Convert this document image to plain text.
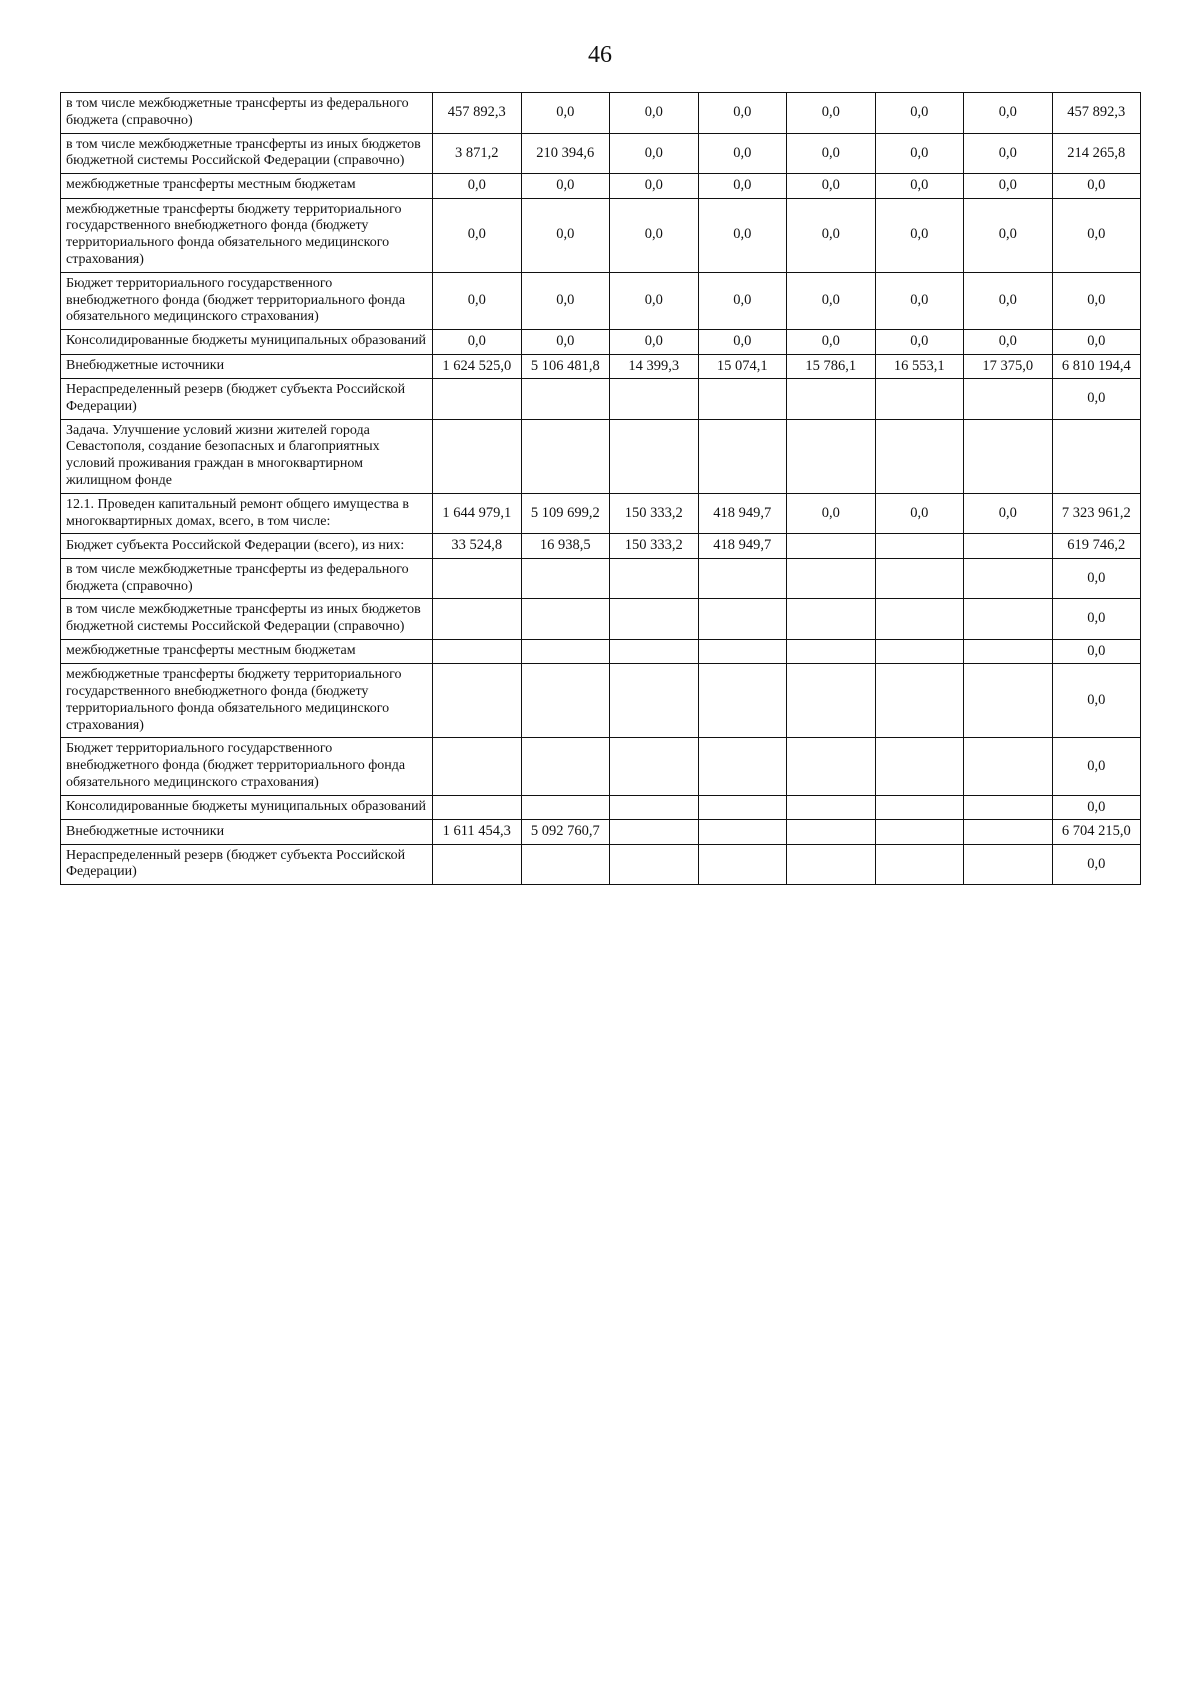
46
в том числе межбюджетные трансферты из федерального бюджета (справочно)	457 892,3	0,0	0,0	0,0	0,0	0,0	0,0	457 892,3
в том числе межбюджетные трансферты из иных бюджетов бюджетной системы Российской Федерации (справочно)	3 871,2	210 394,6	0,0	0,0	0,0	0,0	0,0	214 265,8
межбюджетные трансферты местным бюджетам	0,0	0,0	0,0	0,0	0,0	0,0	0,0	0,0
межбюджетные трансферты бюджету территориального государственного внебюджетного фонда (бюджету территориального фонда обязательного медицинского страхования)	0,0	0,0	0,0	0,0	0,0	0,0	0,0	0,0
Бюджет территориального государственного внебюджетного фонда (бюджет территориального фонда обязательного медицинского страхования)	0,0	0,0	0,0	0,0	0,0	0,0	0,0	0,0
Консолидированные бюджеты муниципальных образований	0,0	0,0	0,0	0,0	0,0	0,0	0,0	0,0
Внебюджетные источники	1 624 525,0	5 106 481,8	14 399,3	15 074,1	15 786,1	16 553,1	17 375,0	6 810 194,4
Нераспределенный резерв (бюджет субъекта Российской Федерации)								0,0
Задача. Улучшение условий жизни жителей города Севастополя, создание безопасных и благоприятных условий проживания граждан в многоквартирном жилищном фонде								
12.1. Проведен капитальный ремонт общего имущества в многоквартирных домах, всего, в том числе:	1 644 979,1	5 109 699,2	150 333,2	418 949,7	0,0	0,0	0,0	7 323 961,2
Бюджет субъекта Российской Федерации (всего), из них:	33 524,8	16 938,5	150 333,2	418 949,7				619 746,2
в том числе межбюджетные трансферты из федерального бюджета (справочно)								0,0
в том числе межбюджетные трансферты из иных бюджетов бюджетной системы Российской Федерации (справочно)								0,0
межбюджетные трансферты местным бюджетам								0,0
межбюджетные трансферты бюджету территориального государственного внебюджетного фонда (бюджету территориального фонда обязательного медицинского страхования)								0,0
Бюджет территориального государственного внебюджетного фонда (бюджет территориального фонда обязательного медицинского страхования)								0,0
Консолидированные бюджеты муниципальных образований								0,0
Внебюджетные источники	1 611 454,3	5 092 760,7						6 704 215,0
Нераспределенный резерв (бюджет субъекта Российской Федерации)								0,0
